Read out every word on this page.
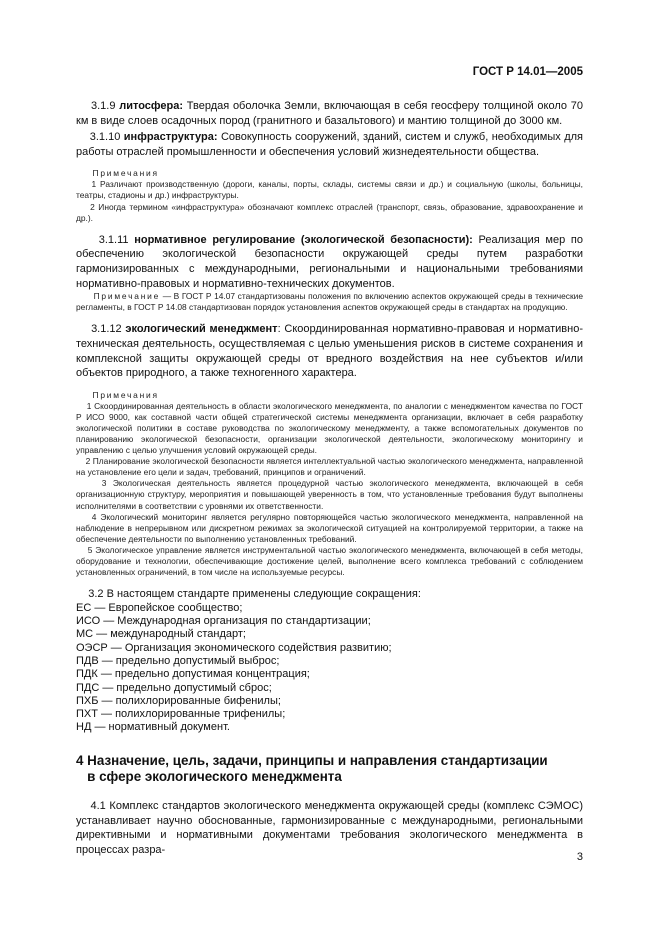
ГОСТ Р 14.01—2005

3.1.9 литосфера: Твердая оболочка Земли, включающая в себя геосферу толщиной около 70 км в виде слоев осадочных пород (гранитного и базальтового) и мантию толщиной до 3000 км.

3.1.10 инфраструктура: Совокупность сооружений, зданий, систем и служб, необходимых для работы отраслей промышленности и обеспечения условий жизнедеятельности общества.

Примечания

1 Различают производственную (дороги, каналы, порты, склады, системы связи и др.) и социальную (школы, больницы, театры, стадионы и др.) инфраструктуры.

2 Иногда термином «инфраструктура» обозначают комплекс отраслей (транспорт, связь, образование, здравоохранение и др.).

3.1.11 нормативное регулирование (экологической безопасности): Реализация мер по обеспечению экологической безопасности окружающей среды путем разработки гармонизированных с международными, региональными и национальными требованиями нормативно-правовых и нормативно-технических документов.

Примечание — В ГОСТ Р 14.07 стандартизованы положения по включению аспектов окружающей среды в технические регламенты, в ГОСТ Р 14.08 стандартизован порядок установления аспектов окружающей среды в стандартах на продукцию.

3.1.12 экологический менеджмент: Скоординированная нормативно-правовая и нормативно-техническая деятельность, осуществляемая с целью уменьшения рисков в системе сохранения и комплексной защиты окружающей среды от вредного воздействия на нее субъектов и/или объектов природного, а также техногенного характера.

Примечания

1 Скоординированная деятельность в области экологического менеджмента, по аналогии с менеджментом качества по ГОСТ Р ИСО 9000, как составной части общей стратегической системы менеджмента организации, включает в себя разработку экологической политики в составе руководства по экологическому менеджменту, а также вспомогательных документов по планированию экологической безопасности, организации экологической деятельности, экологическому мониторингу и управлению с целью улучшения условий окружающей среды.

2 Планирование экологической безопасности является интеллектуальной частью экологического менеджмента, направленной на установление его цели и задач, требований, принципов и ограничений.

3 Экологическая деятельность является процедурной частью экологического менеджмента, включающей в себя организационную структуру, мероприятия и повышающей уверенность в том, что установленные требования будут выполнены исполнителями в соответствии с уровнями их ответственности.

4 Экологический мониторинг является регулярно повторяющейся частью экологического менеджмента, направленной на наблюдение в непрерывном или дискретном режимах за экологической ситуацией на контролируемой территории, а также на обеспечение деятельности по выполнению установленных требований.

5 Экологическое управление является инструментальной частью экологического менеджмента, включающей в себя методы, оборудование и технологии, обеспечивающие достижение целей, выполнение всего комплекса требований с соблюдением установленных ограничений, в том числе на используемые ресурсы.

3.2 В настоящем стандарте применены следующие сокращения:

ЕС — Европейское сообщество;
ИСО — Международная организация по стандартизации;
МС — международный стандарт;
ОЭСР — Организация экономического содействия развитию;
ПДВ — предельно допустимый выброс;
ПДК — предельно допустимая концентрация;
ПДС — предельно допустимый сброс;
ПХБ — полихлорированные бифенилы;
ПХТ — полихлорированные трифенилы;
НД — нормативный документ.
4 Назначение, цель, задачи, принципы и направления стандартизации
в сфере экологического менеджмента

4.1 Комплекс стандартов экологического менеджмента окружающей среды (комплекс СЭМОС) устанавливает научно обоснованные, гармонизированные с международными, региональными директивными и нормативными документами требования экологического менеджмента в процессах разра-

3
